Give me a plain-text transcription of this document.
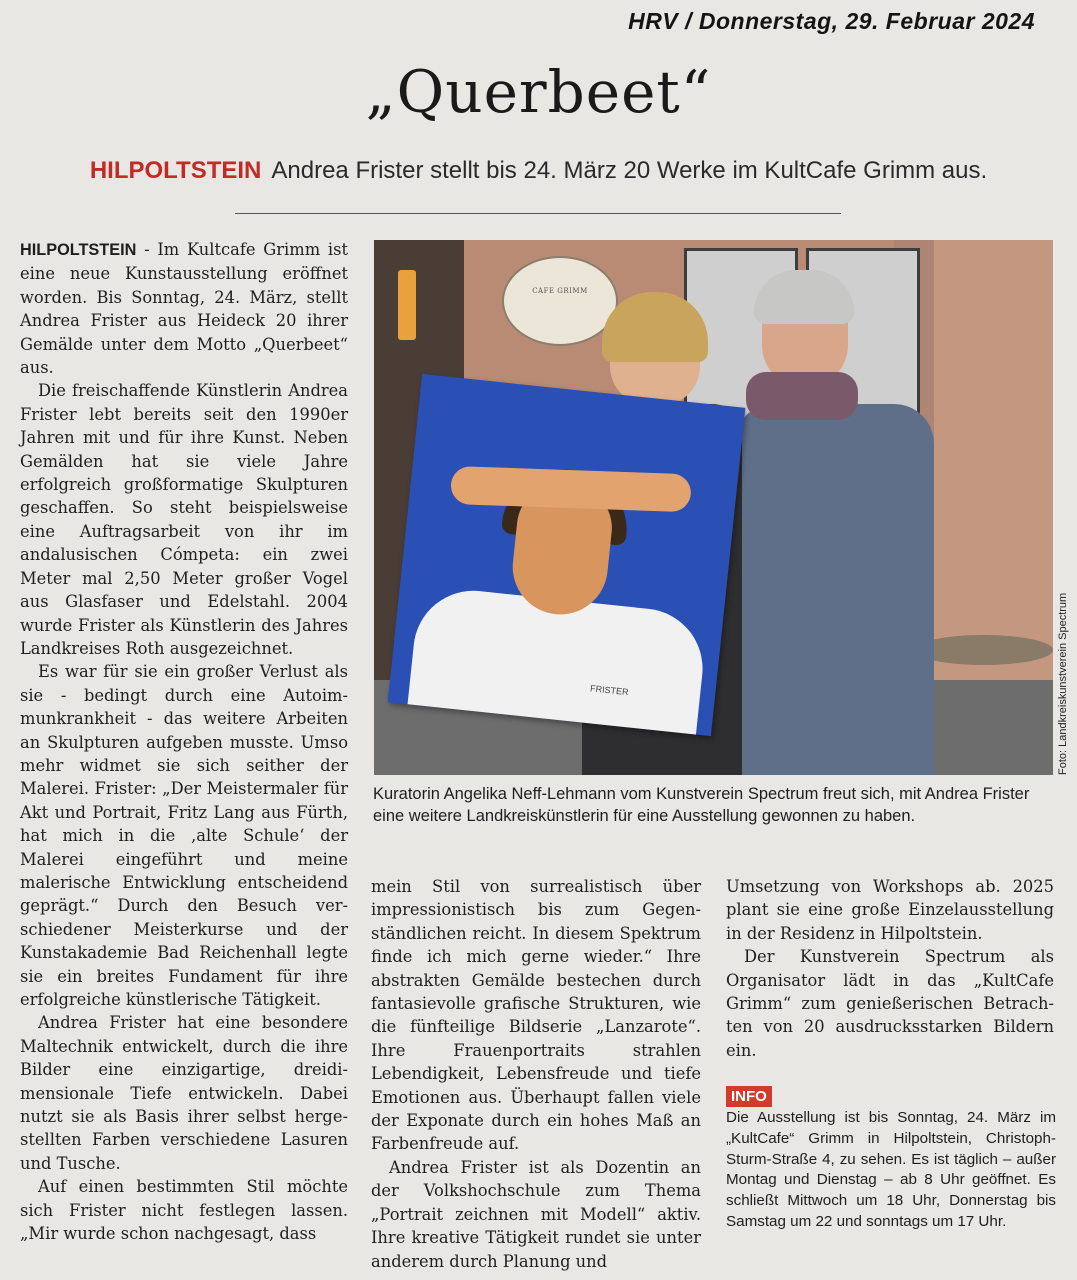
HRV / Donnerstag, 29. Februar 2024
„Querbeet“
HILPOLTSTEIN Andrea Frister stellt bis 24. März 20 Werke im KultCafe Grimm aus.

HILPOLTSTEIN - Im Kultcafe Grimm ist eine neue Kunstausstellung eröffnet worden. Bis Sonntag, 24. März, stellt Andrea Frister aus Heideck 20 ihrer Gemälde unter dem Motto „Querbeet“ aus.

Die freischaffende Künstlerin Andrea Frister lebt bereits seit den 1990er Jahren mit und für ihre Kunst. Neben Gemälden hat sie viele Jahre erfolgreich großformatige Skulpturen geschaffen. So steht beispielsweise eine Auftragsarbeit von ihr im andalusischen Cómpeta: ein zwei Meter mal 2,50 Meter großer Vogel aus Glasfaser und Edelstahl. 2004 wurde Frister als Künstlerin des Jahres Landkreises Roth ausgezeichnet.

Es war für sie ein großer Verlust als sie - bedingt durch eine Autoimmunkrankheit - das weitere Arbeiten an Skulpturen aufgeben musste. Umso mehr widmet sie sich seither der Malerei. Frister: „Der Meistermaler für Akt und Portrait, Fritz Lang aus Fürth, hat mich in die ‚alte Schule‘ der Malerei eingeführt und meine malerische Entwicklung entscheidend geprägt.“ Durch den Besuch verschiedener Meisterkurse und der Kunstakademie Bad Reichenhall legte sie ein breites Fundament für ihre erfolgreiche künstlerische Tätigkeit.

Andrea Frister hat eine besondere Maltechnik entwickelt, durch die ihre Bilder eine einzigartige, dreidimensionale Tiefe entwickeln. Dabei nutzt sie als Basis ihrer selbst hergestellten Farben verschiedene Lasuren und Tusche.

Auf einen bestimmten Stil möchte sich Frister nicht festlegen lassen. „Mir wurde schon nachgesagt, dass

CAFE GRIMM
FRISTER	Foto: Landkreiskunstverein Spectrum
Kuratorin Angelika Neff-Lehmann vom Kunstverein Spectrum freut sich, mit Andrea Frister eine weitere Landkreiskünstlerin für eine Ausstellung gewonnen zu haben.

mein Stil von surrealistisch über impressionistisch bis zum Gegenständlichen reicht. In diesem Spektrum finde ich mich gerne wieder.“ Ihre abstrakten Gemälde bestechen durch fantasievolle grafische Strukturen, wie die fünfteilige Bildserie „Lanzarote“. Ihre Frauenportraits strahlen Lebendigkeit, Lebensfreude und tiefe Emotionen aus. Überhaupt fallen viele der Exponate durch ein hohes Maß an Farbenfreude auf.

Andrea Frister ist als Dozentin an der Volkshochschule zum Thema „Portrait zeichnen mit Modell“ aktiv. Ihre kreative Tätigkeit rundet sie unter anderem durch Planung und

Umsetzung von Workshops ab. 2025 plant sie eine große Einzelausstellung in der Residenz in Hilpoltstein.

Der Kunstverein Spectrum als Organisator lädt in das „KultCafe Grimm“ zum genießerischen Betrachten von 20 ausdrucksstarken Bildern ein.

INFO
Die Ausstellung ist bis Sonntag, 24. März im „KultCafe“ Grimm in Hilpoltstein, Christoph-Sturm-Straße 4, zu sehen. Es ist täglich – außer Montag und Dienstag – ab 8 Uhr geöffnet. Es schließt Mittwoch um 18 Uhr, Donnerstag bis Samstag um 22 und sonntags um 17 Uhr.
